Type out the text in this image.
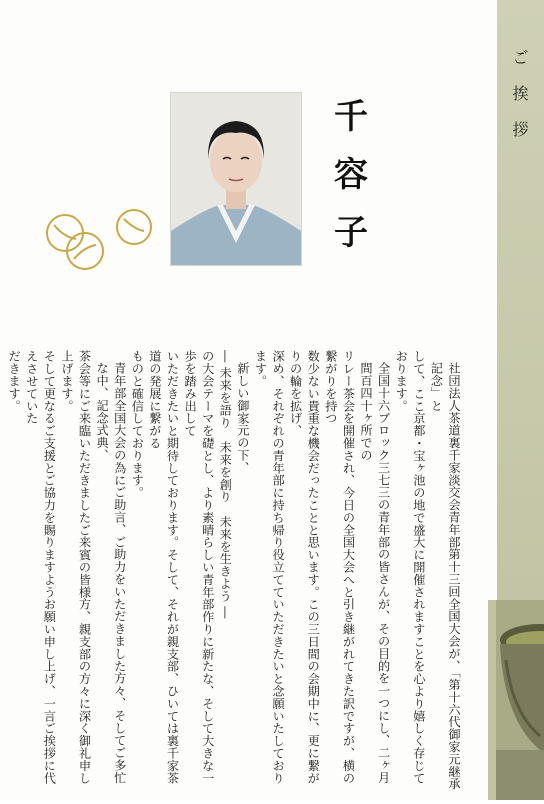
ご
挨
拶
千
容
子

社団法人茶道裏千家淡交会青年部第十三回全国大会が、「第十六代御家元継承記念」と

して、ここ京都・宝ヶ池の地で盛大に開催されますことを心より嬉しく存じております。

全国十六ブロック三七三の青年部の皆さんが、その目的を一つにし、二ヶ月間百四十ヶ所での

リレー茶会を開催され、今日の全国大会へと引き継がれてきた訳ですが、横の繋がりを持つ

数少ない貴重な機会だったことと思います。この三日間の会期中に、更に繋がりの輪を拡げ、

深め、それぞれの青年部に持ち帰り役立てていただきたいと念願いたしております。

新しい御家元の下、

― 未来を語り　未来を創り　未来を生きよう ―

の大会テーマを礎とし、より素晴らしい青年部作りに新たな、そして大きな一歩を踏み出して

いただきたいと期待しております。そして、それが親支部、ひいては裏千家茶道の発展に繋がる

ものと確信しております。

青年部全国大会の為にご助言、ご助力をいただきました方々、そしてご多忙な中、記念式典、

茶会等にご来臨いただきましたご来賓の皆様方、親支部の方々に深く御礼申し上げます。

そして更なるご支援とご協力を賜りますようお願い申し上げ、一言ご挨拶に代えさせていた

だきます。
